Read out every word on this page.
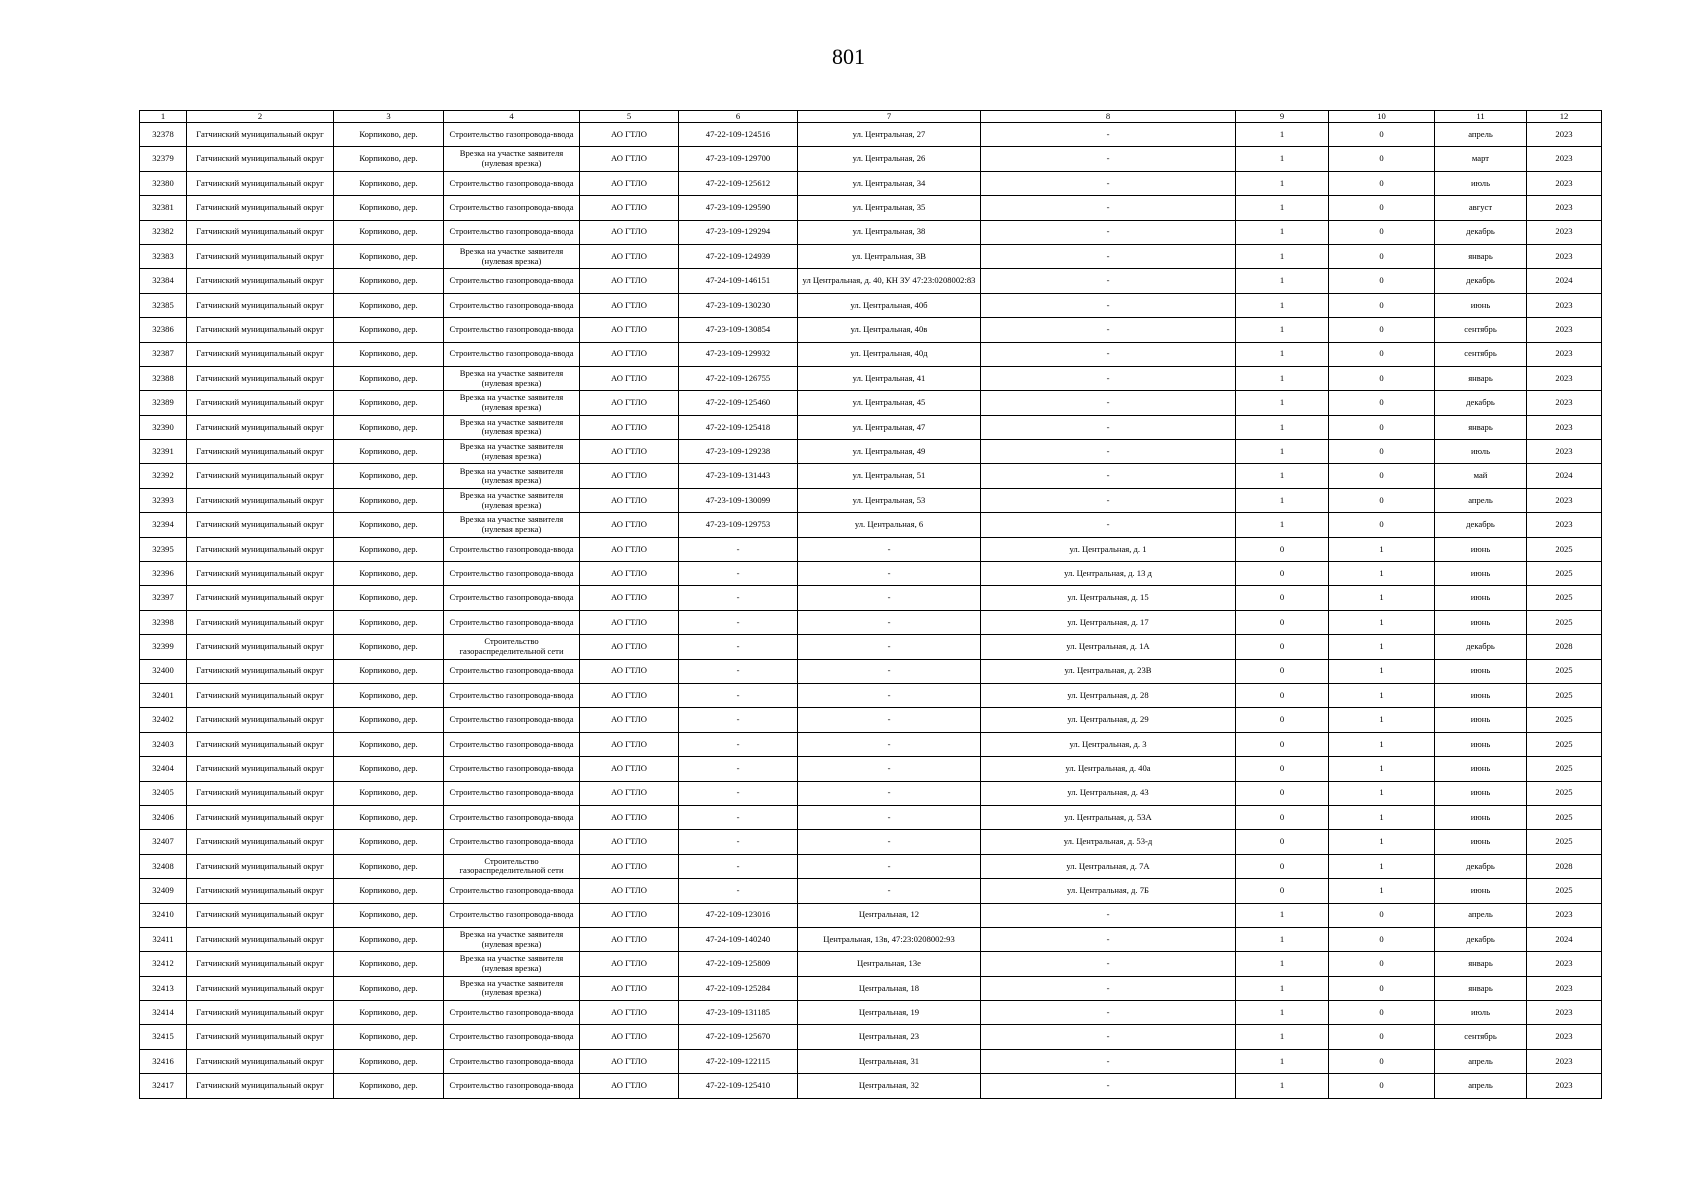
801
1	2	3	4	5	6	7	8	9	10	11	12
32378	Гатчинский муниципальный округ	Корпиково, дер.	Строительство газопровода-ввода	АО ГТЛО	47-22-109-124516	ул. Центральная, 27	-	1	0	апрель	2023
32379	Гатчинский муниципальный округ	Корпиково, дер.	Врезка на участке заявителя (нулевая врезка)	АО ГТЛО	47-23-109-129700	ул. Центральная, 26	-	1	0	март	2023
32380	Гатчинский муниципальный округ	Корпиково, дер.	Строительство газопровода-ввода	АО ГТЛО	47-22-109-125612	ул. Центральная, 34	-	1	0	июль	2023
32381	Гатчинский муниципальный округ	Корпиково, дер.	Строительство газопровода-ввода	АО ГТЛО	47-23-109-129590	ул. Центральная, 35	-	1	0	август	2023
32382	Гатчинский муниципальный округ	Корпиково, дер.	Строительство газопровода-ввода	АО ГТЛО	47-23-109-129294	ул. Центральная, 38	-	1	0	декабрь	2023
32383	Гатчинский муниципальный округ	Корпиково, дер.	Врезка на участке заявителя (нулевая врезка)	АО ГТЛО	47-22-109-124939	ул. Центральная, 3В	-	1	0	январь	2023
32384	Гатчинский муниципальный округ	Корпиково, дер.	Строительство газопровода-ввода	АО ГТЛО	47-24-109-146151	ул Центральная, д. 40, КН ЗУ 47:23:0208002:83	-	1	0	декабрь	2024
32385	Гатчинский муниципальный округ	Корпиково, дер.	Строительство газопровода-ввода	АО ГТЛО	47-23-109-130230	ул. Центральная, 40б	-	1	0	июнь	2023
32386	Гатчинский муниципальный округ	Корпиково, дер.	Строительство газопровода-ввода	АО ГТЛО	47-23-109-130854	ул. Центральная, 40в	-	1	0	сентябрь	2023
32387	Гатчинский муниципальный округ	Корпиково, дер.	Строительство газопровода-ввода	АО ГТЛО	47-23-109-129932	ул. Центральная, 40д	-	1	0	сентябрь	2023
32388	Гатчинский муниципальный округ	Корпиково, дер.	Врезка на участке заявителя (нулевая врезка)	АО ГТЛО	47-22-109-126755	ул. Центральная, 41	-	1	0	январь	2023
32389	Гатчинский муниципальный округ	Корпиково, дер.	Врезка на участке заявителя (нулевая врезка)	АО ГТЛО	47-22-109-125460	ул. Центральная, 45	-	1	0	декабрь	2023
32390	Гатчинский муниципальный округ	Корпиково, дер.	Врезка на участке заявителя (нулевая врезка)	АО ГТЛО	47-22-109-125418	ул. Центральная, 47	-	1	0	январь	2023
32391	Гатчинский муниципальный округ	Корпиково, дер.	Врезка на участке заявителя (нулевая врезка)	АО ГТЛО	47-23-109-129238	ул. Центральная, 49	-	1	0	июль	2023
32392	Гатчинский муниципальный округ	Корпиково, дер.	Врезка на участке заявителя (нулевая врезка)	АО ГТЛО	47-23-109-131443	ул. Центральная, 51	-	1	0	май	2024
32393	Гатчинский муниципальный округ	Корпиково, дер.	Врезка на участке заявителя (нулевая врезка)	АО ГТЛО	47-23-109-130099	ул. Центральная, 53	-	1	0	апрель	2023
32394	Гатчинский муниципальный округ	Корпиково, дер.	Врезка на участке заявителя (нулевая врезка)	АО ГТЛО	47-23-109-129753	ул. Центральная, 6	-	1	0	декабрь	2023
32395	Гатчинский муниципальный округ	Корпиково, дер.	Строительство газопровода-ввода	АО ГТЛО	-	-	ул. Центральная, д. 1	0	1	июнь	2025
32396	Гатчинский муниципальный округ	Корпиково, дер.	Строительство газопровода-ввода	АО ГТЛО	-	-	ул. Центральная, д. 13 д	0	1	июнь	2025
32397	Гатчинский муниципальный округ	Корпиково, дер.	Строительство газопровода-ввода	АО ГТЛО	-	-	ул. Центральная, д. 15	0	1	июнь	2025
32398	Гатчинский муниципальный округ	Корпиково, дер.	Строительство газопровода-ввода	АО ГТЛО	-	-	ул. Центральная, д. 17	0	1	июнь	2025
32399	Гатчинский муниципальный округ	Корпиково, дер.	Строительство газораспределительной сети	АО ГТЛО	-	-	ул. Центральная, д. 1А	0	1	декабрь	2028
32400	Гатчинский муниципальный округ	Корпиково, дер.	Строительство газопровода-ввода	АО ГТЛО	-	-	ул. Центральная, д. 23В	0	1	июнь	2025
32401	Гатчинский муниципальный округ	Корпиково, дер.	Строительство газопровода-ввода	АО ГТЛО	-	-	ул. Центральная, д. 28	0	1	июнь	2025
32402	Гатчинский муниципальный округ	Корпиково, дер.	Строительство газопровода-ввода	АО ГТЛО	-	-	ул. Центральная, д. 29	0	1	июнь	2025
32403	Гатчинский муниципальный округ	Корпиково, дер.	Строительство газопровода-ввода	АО ГТЛО	-	-	ул. Центральная, д. 3	0	1	июнь	2025
32404	Гатчинский муниципальный округ	Корпиково, дер.	Строительство газопровода-ввода	АО ГТЛО	-	-	ул. Центральная, д. 40а	0	1	июнь	2025
32405	Гатчинский муниципальный округ	Корпиково, дер.	Строительство газопровода-ввода	АО ГТЛО	-	-	ул. Центральная, д. 43	0	1	июнь	2025
32406	Гатчинский муниципальный округ	Корпиково, дер.	Строительство газопровода-ввода	АО ГТЛО	-	-	ул. Центральная, д. 53А	0	1	июнь	2025
32407	Гатчинский муниципальный округ	Корпиково, дер.	Строительство газопровода-ввода	АО ГТЛО	-	-	ул. Центральная, д. 53-д	0	1	июнь	2025
32408	Гатчинский муниципальный округ	Корпиково, дер.	Строительство газораспределительной сети	АО ГТЛО	-	-	ул. Центральная, д. 7А	0	1	декабрь	2028
32409	Гатчинский муниципальный округ	Корпиково, дер.	Строительство газопровода-ввода	АО ГТЛО	-	-	ул. Центральная, д. 7Б	0	1	июнь	2025
32410	Гатчинский муниципальный округ	Корпиково, дер.	Строительство газопровода-ввода	АО ГТЛО	47-22-109-123016	Центральная, 12	-	1	0	апрель	2023
32411	Гатчинский муниципальный округ	Корпиково, дер.	Врезка на участке заявителя (нулевая врезка)	АО ГТЛО	47-24-109-140240	Центральная, 13в, 47:23:0208002:93	-	1	0	декабрь	2024
32412	Гатчинский муниципальный округ	Корпиково, дер.	Врезка на участке заявителя (нулевая врезка)	АО ГТЛО	47-22-109-125809	Центральная, 13е	-	1	0	январь	2023
32413	Гатчинский муниципальный округ	Корпиково, дер.	Врезка на участке заявителя (нулевая врезка)	АО ГТЛО	47-22-109-125284	Центральная, 18	-	1	0	январь	2023
32414	Гатчинский муниципальный округ	Корпиково, дер.	Строительство газопровода-ввода	АО ГТЛО	47-23-109-131185	Центральная, 19	-	1	0	июль	2023
32415	Гатчинский муниципальный округ	Корпиково, дер.	Строительство газопровода-ввода	АО ГТЛО	47-22-109-125670	Центральная, 23	-	1	0	сентябрь	2023
32416	Гатчинский муниципальный округ	Корпиково, дер.	Строительство газопровода-ввода	АО ГТЛО	47-22-109-122115	Центральная, 31	-	1	0	апрель	2023
32417	Гатчинский муниципальный округ	Корпиково, дер.	Строительство газопровода-ввода	АО ГТЛО	47-22-109-125410	Центральная, 32	-	1	0	апрель	2023
